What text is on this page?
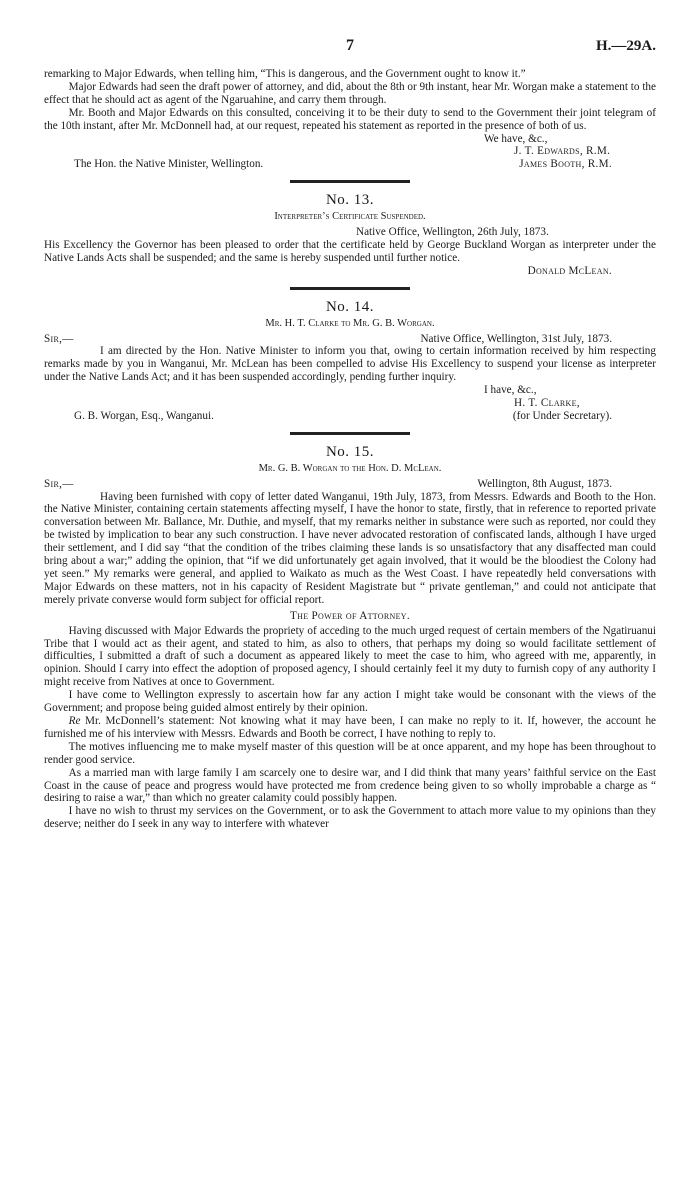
7	H.—29A.

remarking to Major Edwards, when telling him, “This is dangerous, and the Government ought to know it.”

Major Edwards had seen the draft power of attorney, and did, about the 8th or 9th instant, hear Mr. Worgan make a statement to the effect that he should act as agent of the Ngaruahine, and carry them through.

Mr. Booth and Major Edwards on this consulted, conceiving it to be their duty to send to the Government their joint telegram of the 10th instant, after Mr. McDonnell had, at our request, repeated his statement as reported in the presence of both of us.

We have, &c.,
J. T. Edwards, R.M.
The Hon. the Native Minister, Wellington.	James Booth, R.M.
No. 13.
Interpreter’s Certificate Suspended.
Native Office, Wellington, 26th July, 1873.

His Excellency the Governor has been pleased to order that the certificate held by George Buckland Worgan as interpreter under the Native Lands Acts shall be suspended; and the same is hereby suspended until further notice.

Donald McLean.
No. 14.
Mr. H. T. Clarke to Mr. G. B. Worgan.
Sir,—	Native Office, Wellington, 31st July, 1873.

I am directed by the Hon. Native Minister to inform you that, owing to certain information received by him respecting remarks made by you in Wanganui, Mr. McLean has been compelled to advise His Excellency to suspend your license as interpreter under the Native Lands Act; and it has been suspended accordingly, pending further inquiry.

I have, &c.,
H. T. Clarke,
G. B. Worgan, Esq., Wanganui.	(for Under Secretary).
No. 15.
Mr. G. B. Worgan to the Hon. D. McLean.
Sir,—	Wellington, 8th August, 1873.

Having been furnished with copy of letter dated Wanganui, 19th July, 1873, from Messrs. Edwards and Booth to the Hon. the Native Minister, containing certain statements affecting myself, I have the honor to state, firstly, that in reference to reported private conversation between Mr. Ballance, Mr. Duthie, and myself, that my remarks neither in substance were such as reported, nor could they be twisted by implication to bear any such construction. I have never advocated restoration of confiscated lands, although I have urged their settlement, and I did say “that the condition of the tribes claiming these lands is so unsatisfactory that any disaffected man could bring about a war;” adding the opinion, that “if we did unfortunately get again involved, that it would be the bloodiest the Colony had yet seen.” My remarks were general, and applied to Waikato as much as the West Coast. I have repeatedly held conversations with Major Edwards on these matters, not in his capacity of Resident Magistrate but “ private gentleman,” and could not anticipate that merely private converse would form subject for official report.

The Power of Attorney.

Having discussed with Major Edwards the propriety of acceding to the much urged request of certain members of the Ngatiruanui Tribe that I would act as their agent, and stated to him, as also to others, that perhaps my doing so would facilitate settlement of difficulties, I submitted a draft of such a document as appeared likely to meet the case to him, who agreed with me, apparently, in opinion. Should I carry into effect the adoption of proposed agency, I should certainly feel it my duty to furnish copy of any authority I might receive from Natives at once to Government.

I have come to Wellington expressly to ascertain how far any action I might take would be consonant with the views of the Government; and propose being guided almost entirely by their opinion.

Re Mr. McDonnell’s statement: Not knowing what it may have been, I can make no reply to it. If, however, the account he furnished me of his interview with Messrs. Edwards and Booth be correct, I have nothing to reply to.

The motives influencing me to make myself master of this question will be at once apparent, and my hope has been throughout to render good service.

As a married man with large family I am scarcely one to desire war, and I did think that many years’ faithful service on the East Coast in the cause of peace and progress would have protected me from credence being given to so wholly improbable a charge as “ desiring to raise a war,” than which no greater calamity could possibly happen.

I have no wish to thrust my services on the Government, or to ask the Government to attach more value to my opinions than they deserve; neither do I seek in any way to interfere with whatever
